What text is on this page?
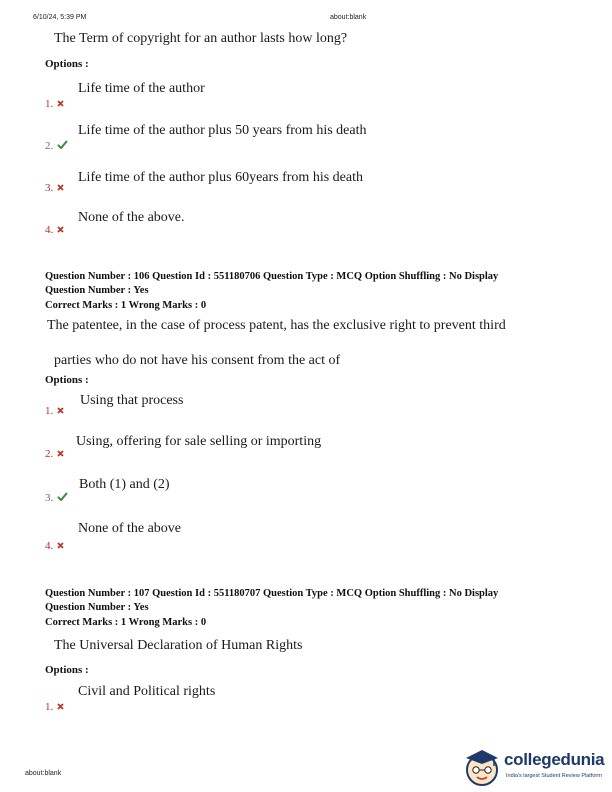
6/10/24, 5:39 PM	about:blank
The Term of copyright for an author lasts how long?
Options :
Life time of the author
1.
Life time of the author plus 50 years from his death
2.
Life time of the author plus 60years from his death
3.
None of the above.
4.
Question Number : 106 Question Id : 551180706 Question Type : MCQ Option Shuffling : No Display
Question Number : Yes
Correct Marks : 1 Wrong Marks : 0
The patentee, in the case of process patent, has the exclusive right to prevent third
parties who do not have his consent from the act of
Options :
Using that process
1.
Using, offering for sale selling or importing
2.
Both (1) and (2)
3.
None of the above
4.
Question Number : 107 Question Id : 551180707 Question Type : MCQ Option Shuffling : No Display
Question Number : Yes
Correct Marks : 1 Wrong Marks : 0
The Universal Declaration of Human Rights
Options :
Civil and Political rights
1.
about:blank
collegedunia
India's largest Student Review Platform
